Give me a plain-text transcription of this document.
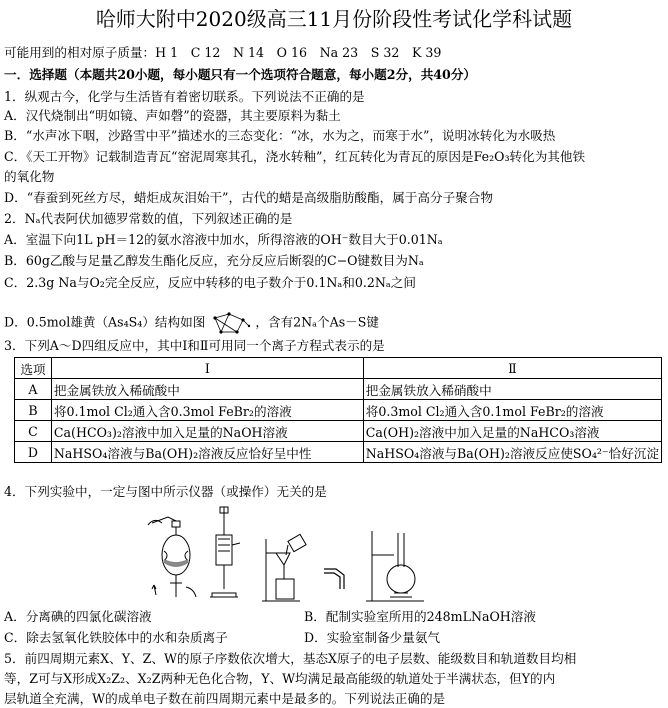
哈师大附中2020级高三11月份阶段性考试化学科试题
可能用到的相对原子质量：H 1　C 12　N 14　O 16　Na 23　S 32　K 39
一．选择题（本题共20小题，每小题只有一个选项符合题意，每小题2分，共40分）
1．纵观古今，化学与生活皆有着密切联系。下列说法不正确的是
A．汉代烧制出“明如镜、声如磬”的瓷器，其主要原料为黏土
B．“水声冰下咽，沙路雪中平”描述水的三态变化：“冰，水为之，而寒于水”，说明冰转化为水吸热
C．《天工开物》记载制造青瓦“窑泥周寒其孔，浇水转釉”，红瓦转化为青瓦的原因是Fe₂O₃转化为其他铁
的氧化物
D．“春蚕到死丝方尽，蜡炬成灰泪始干”，古代的蜡是高级脂肪酸酯，属于高分子聚合物
2．Nₐ代表阿伏加德罗常数的值，下列叙述正确的是
A．室温下向1L pH＝12的氨水溶液中加水，所得溶液的OH⁻数目大于0.01Nₐ
B．60g乙酸与足量乙醇发生酯化反应，充分反应后断裂的C−O键数目为Nₐ
C．2.3g Na与O₂完全反应，反应中转移的电子数介于0.1Nₐ和0.2Nₐ之间
D．0.5mol雄黄（As₄S₄）结构如图	，含有2Nₐ个As－S键
3．下列A～D四组反应中，其中Ⅰ和Ⅱ可用同一个离子方程式表示的是
选项	Ⅰ	Ⅱ
A	把金属铁放入稀硫酸中	把金属铁放入稀硝酸中
B	将0.1mol Cl₂通入含0.3mol FeBr₂的溶液	将0.3mol Cl₂通入含0.1mol FeBr₂的溶液
C	Ca(HCO₃)₂溶液中加入足量的NaOH溶液	Ca(OH)₂溶液中加入足量的NaHCO₃溶液
D	NaHSO₄溶液与Ba(OH)₂溶液反应恰好呈中性	NaHSO₄溶液与Ba(OH)₂溶液反应使SO₄²⁻恰好沉淀
4．下列实验中，一定与图中所示仪器（或操作）无关的是
A．分离碘的四氯化碳溶液	B．配制实验室所用的248mLNaOH溶液
C．除去氢氧化铁胶体中的水和杂质离子	D．实验室制备少量氨气
5．前四周期元素X、Y、Z、W的原子序数依次增大，基态X原子的电子层数、能级数目和轨道数目均相
等，Z可与X形成X₂Z₂、X₂Z两种无色化合物，Y、W均满足最高能级的轨道处于半满状态，但Y的内
层轨道全充满，W的成单电子数在前四周期元素中是最多的。下列说法正确的是
